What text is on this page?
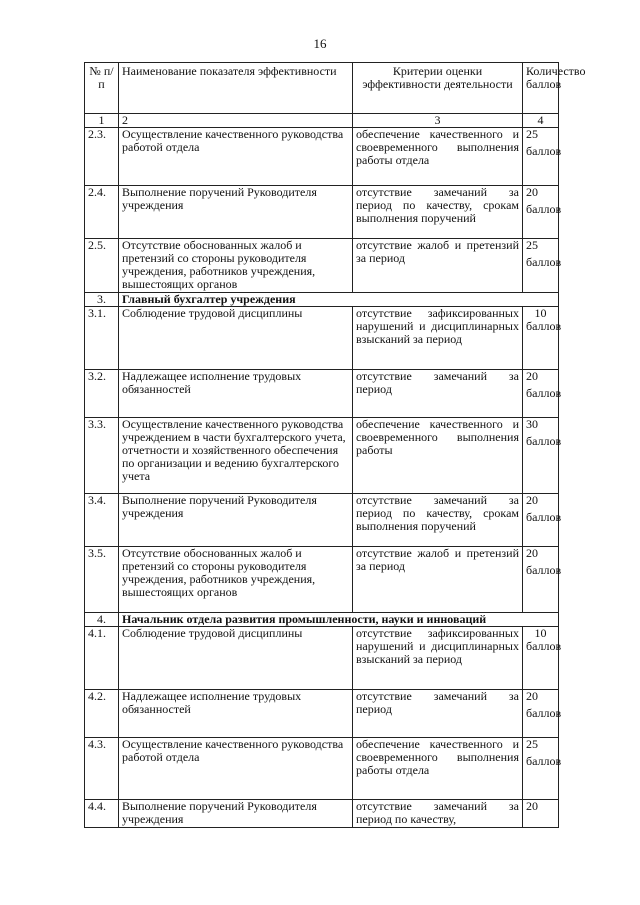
16
№ п/п	Наименование показателя эффективности	Критерии оценки эффективности деятельности	Количество баллов
1	2	3	4
2.3.	Осуществление качественного руководства работой отдела	обеспечение качественного и своевременного выполнения работы отдела	25
баллов

2.4.	Выполнение поручений Руководителя учреждения	отсутствие замечаний за период по качеству, срокам выполнения поручений	20
баллов

2.5.	Отсутствие обоснованных жалоб и претензий со стороны руководителя учреждения, работников учреждения, вышестоящих органов	отсутствие жалоб и претензий за период	25
баллов

3.	Главный бухгалтер учреждения		
3.1.	Соблюдение трудовой дисциплины	отсутствие зафиксированных нарушений и дисциплинарных взысканий за период	10
баллов

3.2.	Надлежащее исполнение трудовых обязанностей	отсутствие замечаний за период	20
баллов

3.3.	Осуществление качественного руководства учреждением в части бухгалтерского учета, отчетности и хозяйственного обеспечения по организации и ведению бухгалтерского учета	обеспечение качественного и своевременного выполнения работы	30
баллов

3.4.	Выполнение поручений Руководителя учреждения	отсутствие замечаний за период по качеству, срокам выполнения поручений	20
баллов

3.5.	Отсутствие обоснованных жалоб и претензий со стороны руководителя учреждения, работников учреждения, вышестоящих органов	отсутствие жалоб и претензий за период	20
баллов

4.	Начальник отдела развития промышленности, науки и инноваций		
4.1.	Соблюдение трудовой дисциплины	отсутствие зафиксированных нарушений и дисциплинарных взысканий за период	10
баллов

4.2.	Надлежащее исполнение трудовых обязанностей	отсутствие замечаний за период	20
баллов

4.3.	Осуществление качественного руководства работой отдела	обеспечение качественного и своевременного выполнения работы отдела	25
баллов

4.4.	Выполнение поручений Руководителя учреждения	отсутствие замечаний за период по качеству,	20
